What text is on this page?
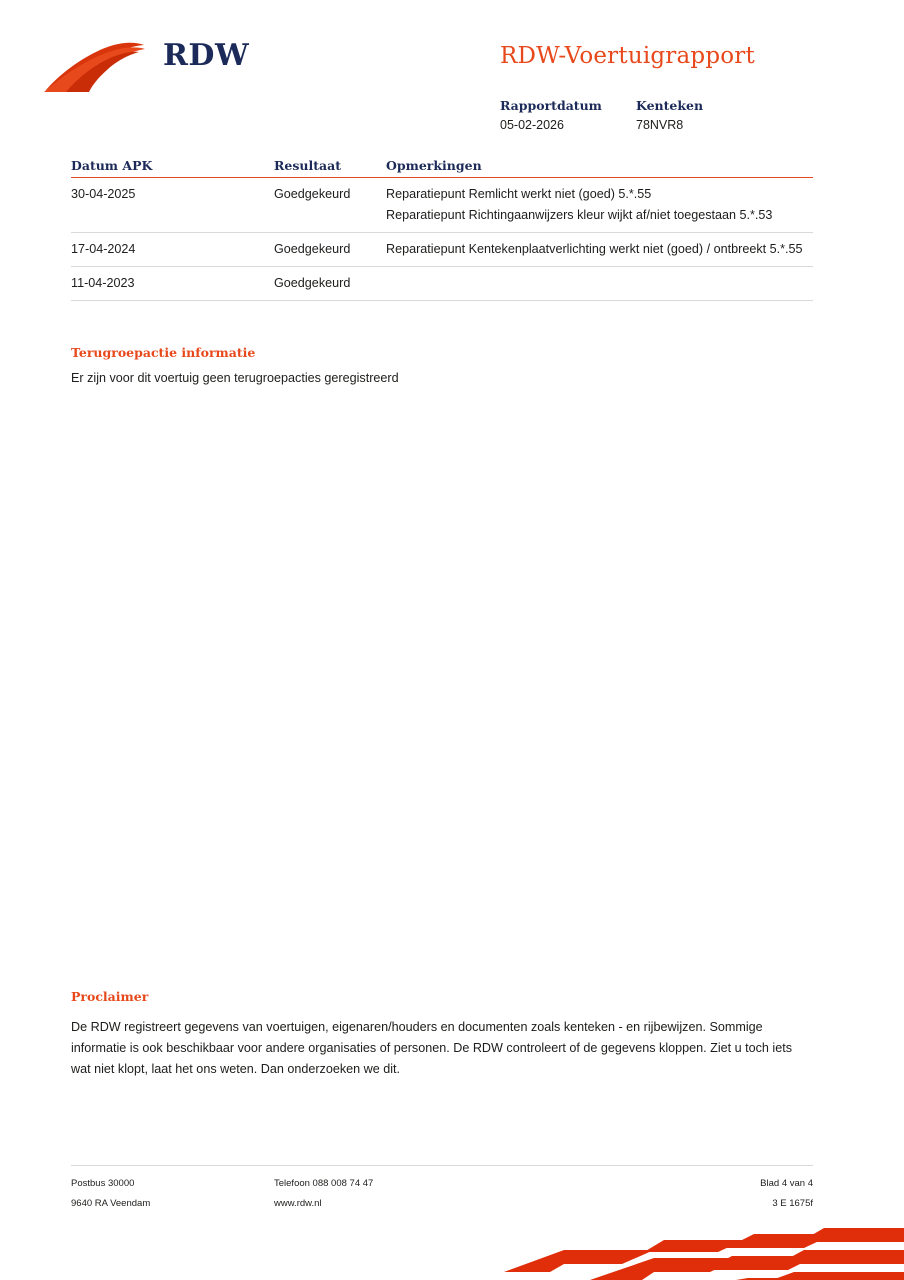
RDW	RDW-Voertuigrapport
Rapportdatum	Kenteken
05-02-2026	78NVR8
Datum APK	Resultaat	Opmerkingen
30-04-2025	Goedgekeurd	Reparatiepunt Remlicht werkt niet (goed) 5.*.55
Reparatiepunt Richtingaanwijzers kleur wijkt af/niet toegestaan 5.*.53
17-04-2024	Goedgekeurd	Reparatiepunt Kentekenplaatverlichting werkt niet (goed) / ontbreekt 5.*.55
11-04-2023	Goedgekeurd
Terugroepactie informatie
Er zijn voor dit voertuig geen terugroepacties geregistreerd
Proclaimer
De RDW registreert gegevens van voertuigen, eigenaren/houders en documenten zoals kenteken - en rijbewijzen. Sommige informatie is ook beschikbaar voor andere organisaties of personen. De RDW controleert of de gegevens kloppen. Ziet u toch iets wat niet klopt, laat het ons weten. Dan onderzoeken we dit.
Postbus 30000	Telefoon 088 008 74 47	Blad 4 van 4
9640 RA Veendam	www.rdw.nl	3 E 1675f
